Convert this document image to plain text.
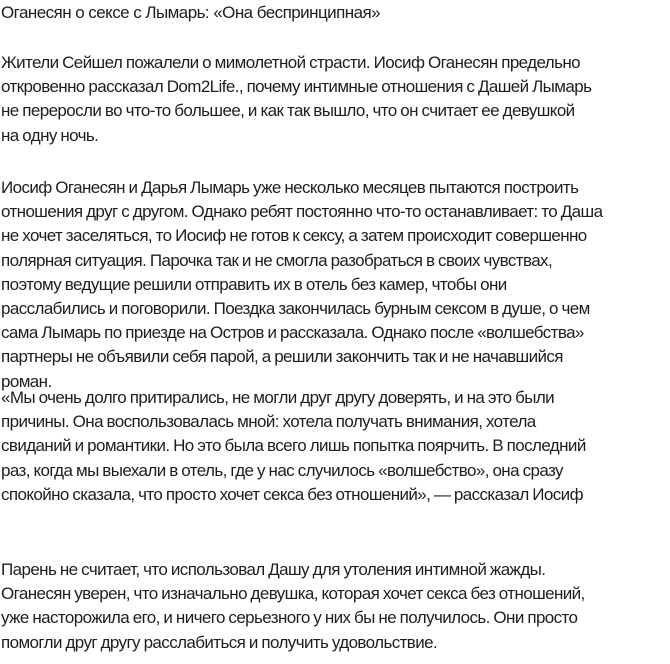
Оганесян о сексе с Лымарь: «Она беспринципная»

Жители Сейшел пожалели о мимолетной страсти. Иосиф Оганесян предельно
откровенно рассказал Dom2Life., почему интимные отношения с Дашей Лымарь
не переросли во что-то большее, и как так вышло, что он считает ее девушкой
на одну ночь.

Иосиф Оганесян и Дарья Лымарь уже несколько месяцев пытаются построить
отношения друг с другом. Однако ребят постоянно что-то останавливает: то Даша
не хочет заселяться, то Иосиф не готов к сексу, а затем происходит совершенно
полярная ситуация. Парочка так и не смогла разобраться в своих чувствах,
поэтому ведущие решили отправить их в отель без камер, чтобы они
расслабились и поговорили. Поездка закончилась бурным сексом в душе, о чем
сама Лымарь по приезде на Остров и рассказала. Однако после «волшебства»
партнеры не объявили себя парой, а решили закончить так и не начавшийся
роман.

«Мы очень долго притирались, не могли друг другу доверять, и на это были
причины. Она воспользовалась мной: хотела получать внимания, хотела
свиданий и романтики. Но это была всего лишь попытка поярчить. В последний
раз, когда мы выехали в отель, где у нас случилось «волшебство», она сразу
спокойно сказала, что просто хочет секса без отношений», — рассказал Иосиф

Парень не считает, что использовал Дашу для утоления интимной жажды.
Оганесян уверен, что изначально девушка, которая хочет секса без отношений,
уже насторожила его, и ничего серьезного у них бы не получилось. Они просто
помогли друг другу расслабиться и получить удовольствие.
